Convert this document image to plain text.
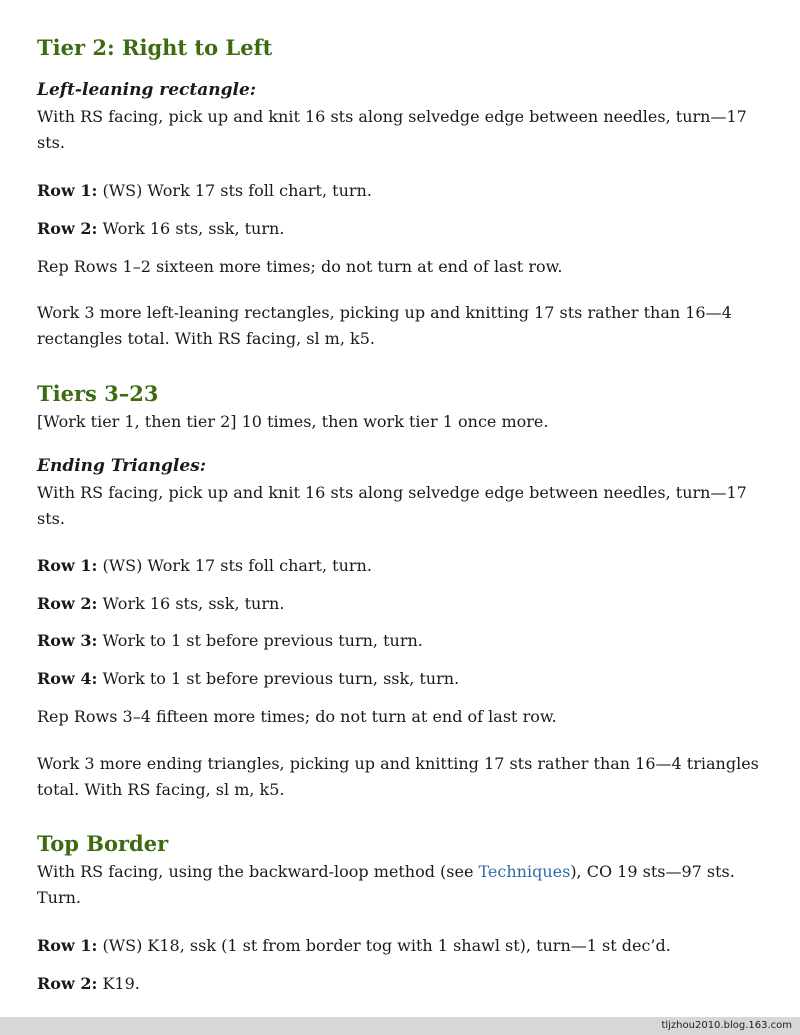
Tier 2: Right to Left
Left-leaning rectangle:

With RS facing, pick up and knit 16 sts along selvedge edge between needles, turn—17 sts.

Row 1: (WS) Work 17 sts foll chart, turn.

Row 2: Work 16 sts, ssk, turn.

Rep Rows 1–2 sixteen more times; do not turn at end of last row.

Work 3 more left-leaning rectangles, picking up and knitting 17 sts rather than 16—4 rectangles total. With RS facing, sl m, k5.

Tiers 3–23

[Work tier 1, then tier 2] 10 times, then work tier 1 once more.

Ending Triangles:

With RS facing, pick up and knit 16 sts along selvedge edge between needles, turn—17 sts.

Row 1: (WS) Work 17 sts foll chart, turn.

Row 2: Work 16 sts, ssk, turn.

Row 3: Work to 1 st before previous turn, turn.

Row 4: Work to 1 st before previous turn, ssk, turn.

Rep Rows 3–4 fifteen more times; do not turn at end of last row.

Work 3 more ending triangles, picking up and knitting 17 sts rather than 16—4 triangles total. With RS facing, sl m, k5.

Top Border

With RS facing, using the backward-loop method (see Techniques), CO 19 sts—97 sts. Turn.

Row 1: (WS) K18, ssk (1 st from border tog with 1 shawl st), turn—1 st dec’d.

Row 2: K19.

tljzhou2010.blog.163.com
